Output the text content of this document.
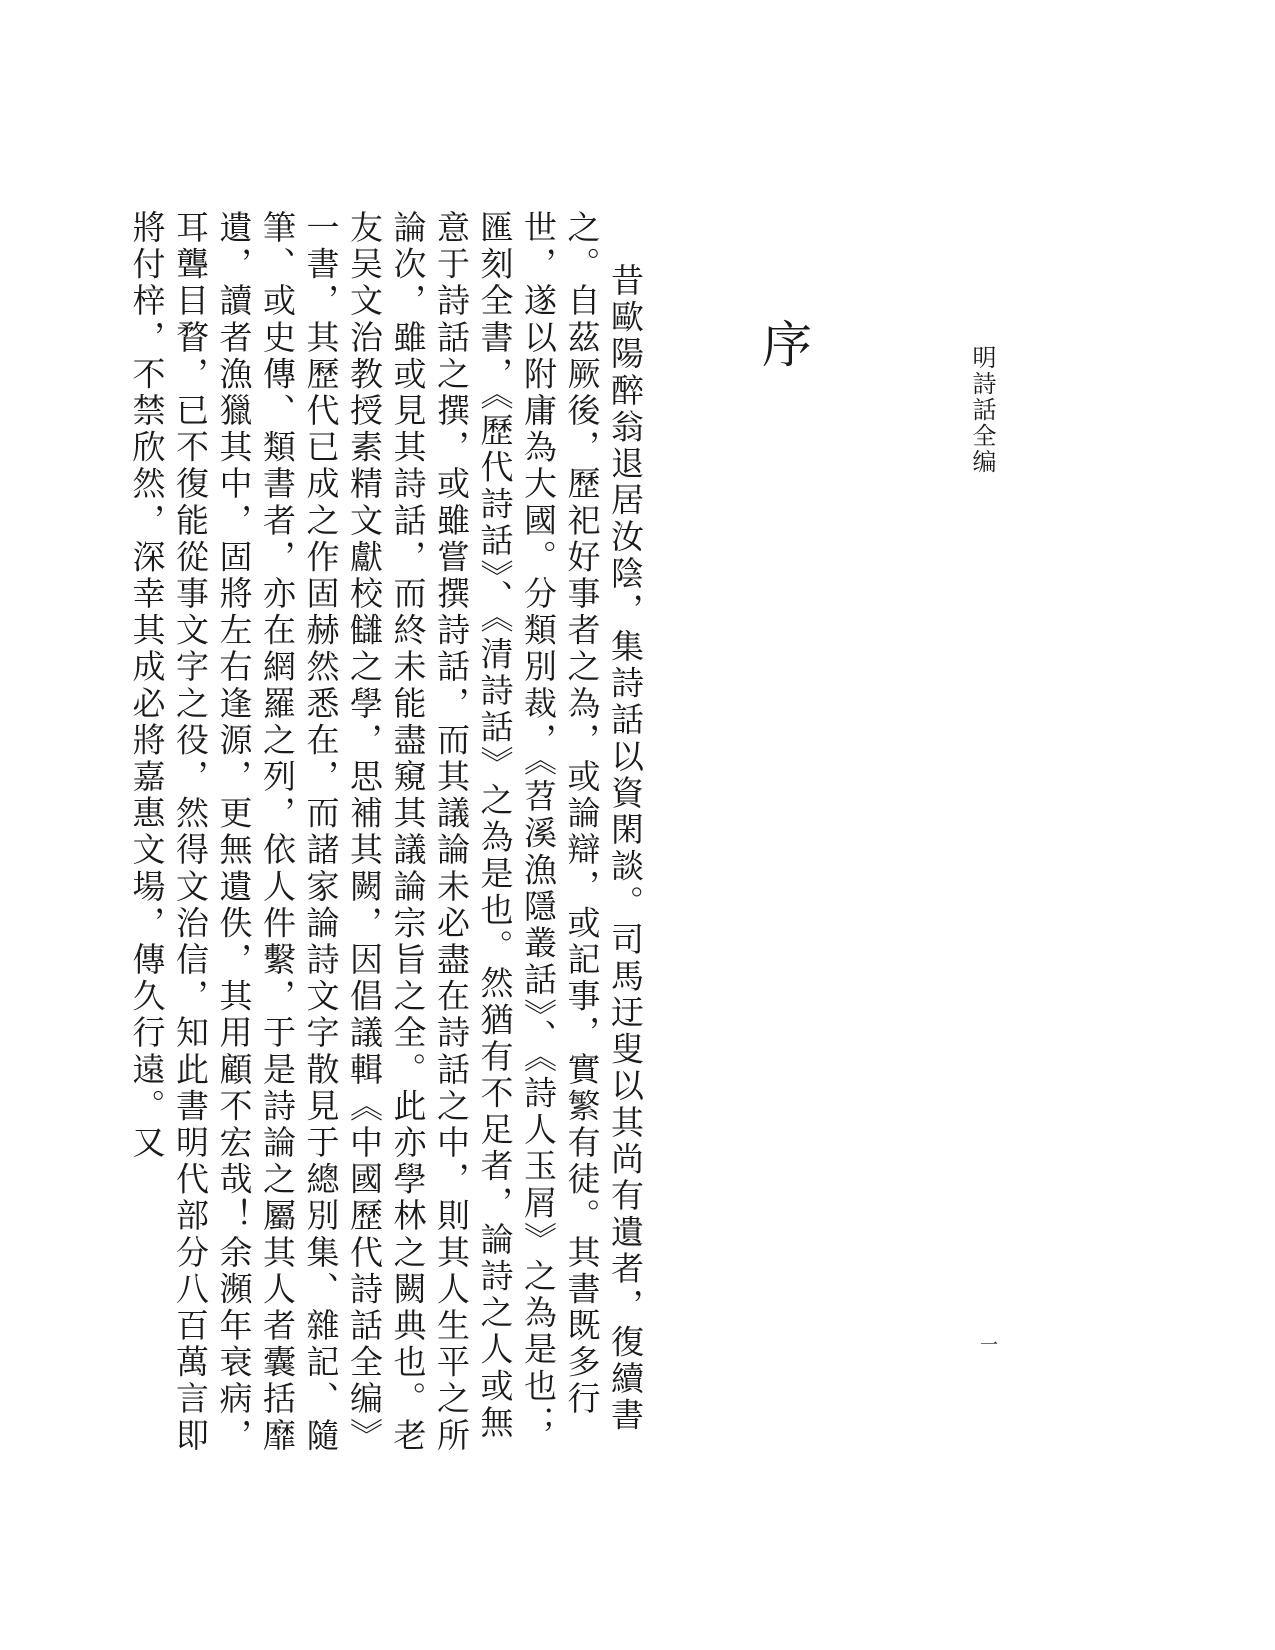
明詩話全编
序
一

昔歐陽醉翁退居汝陰，集詩話以資閑談。司馬迂叟以其尚有遺者，復續書之。自茲厥後，歷祀好事者之為，或論辯，或記事，實繁有徒。其書既多行世，遂以附庸為大國。分類別裁，《苕溪漁隱叢話》、《詩人玉屑》之為是也；匯刻全書，《歷代詩話》、《清詩話》之為是也。然猶有不足者，論詩之人或無意于詩話之撰，或雖嘗撰詩話，而其議論未必盡在詩話之中，則其人生平之所論次，雖或見其詩話，而終未能盡窺其議論宗旨之全。此亦學林之闕典也。老友吴文治教授素精文獻校讎之學，思補其闕，因倡議輯《中國歷代詩話全编》一書，其歷代已成之作固赫然悉在，而諸家論詩文字散見于總別集、雜記、隨筆、或史傳、類書者，亦在網羅之列，依人件繫，于是詩論之屬其人者囊括靡遺，讀者漁獵其中，固將左右逢源，更無遺佚，其用顧不宏哉！余瀕年衰病，耳聾目瞀，已不復能從事文字之役，然得文治信，知此書明代部分八百萬言即將付梓，不禁欣然，深幸其成必將嘉惠文場，傳久行遠。又
